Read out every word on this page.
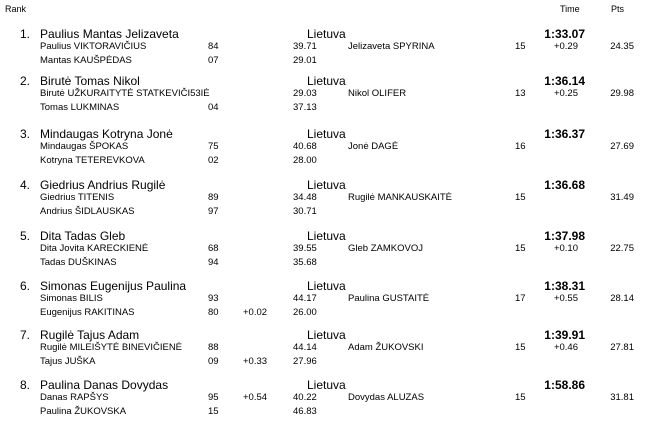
Rank	Time	Pts
1. Paulius Mantas Jelizaveta	Lietuva	1:33.07
Paulius VIKTORAVIČIUS	84	39.71	Jelizaveta SPYRINA	15	+0.29	24.35
Mantas KAUŠPĖDAS	07	29.01
2. Birutė Tomas Nikol	Lietuva	1:36.14
Birutė UŽKURAITYTĖ STATKEVIČI53IĖ	29.03	Nikol OLIFER	13	+0.25	29.98
Tomas LUKMINAS	04	37.13
3. Mindaugas Kotryna Jonė	Lietuva	1:36.37
Mindaugas ŠPOKAS	75	40.68	Jonė DAGĖ	16	27.69
Kotryna TETEREVKOVA	02	28.00
4. Giedrius Andrius Rugilė	Lietuva	1:36.68
Giedrius TITENIS	89	34.48	Rugilė MANKAUSKAITĖ	15	31.49
Andrius ŠIDLAUSKAS	97	30.71
5. Dita Tadas Gleb	Lietuva	1:37.98
Dita Jovita KARECKIENĖ	68	39.55	Gleb ZAMKOVOJ	15	+0.10	22.75
Tadas DUŠKINAS	94	35.68
6. Simonas Eugenijus Paulina	Lietuva	1:38.31
Simonas BILIS	93	44.17	Paulina GUSTAITĖ	17	+0.55	28.14
Eugenijus RAKITINAS	80	+0.02	26.00
7. Rugilė Tajus Adam	Lietuva	1:39.91
Rugilė MILEIŠYTĖ BINEVIČIENĖ	88	44.14	Adam ŽUKOVSKI	15	+0.46	27.81
Tajus JUŠKA	09	+0.33	27.96
8. Paulina Danas Dovydas	Lietuva	1:58.86
Danas RAPŠYS	95	+0.54	40.22	Dovydas ALUZAS	15	31.81
Paulina ŽUKOVSKA	15	46.83
